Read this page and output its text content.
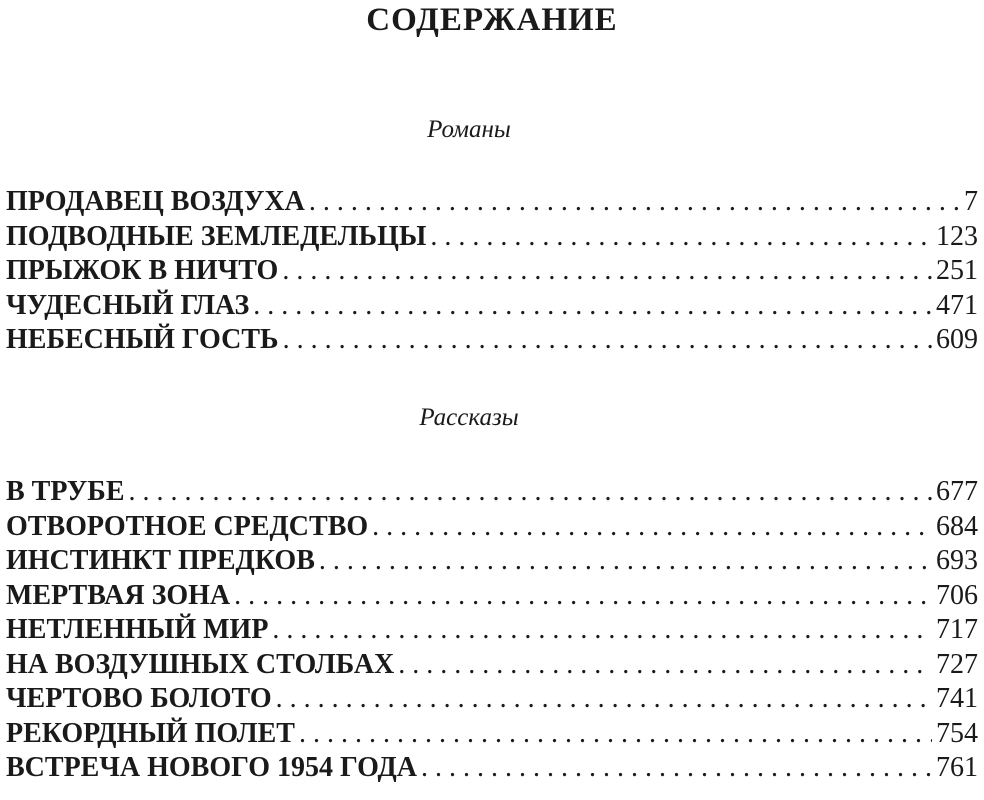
СОДЕРЖАНИЕ
Романы
ПРОДАВЕЦ ВОЗДУХА . . .	7
ПОДВОДНЫЕ ЗЕМЛЕДЕЛЬЦЫ . . .	123
ПРЫЖОК В НИЧТО . . .	251
ЧУДЕСНЫЙ ГЛАЗ . . .	471
НЕБЕСНЫЙ ГОСТЬ . . .	609
Рассказы
В ТРУБЕ . . .	677
ОТВОРОТНОЕ СРЕДСТВО . . .	684
ИНСТИНКТ ПРЕДКОВ . . .	693
МЕРТВАЯ ЗОНА . . .	706
НЕТЛЕННЫЙ МИР . . .	717
НА ВОЗДУШНЫХ СТОЛБАХ . . .	727
ЧЕРТОВО БОЛОТО . . .	741
РЕКОРДНЫЙ ПОЛЕТ . . .	754
ВСТРЕЧА НОВОГО 1954 ГОДА . . .	761
